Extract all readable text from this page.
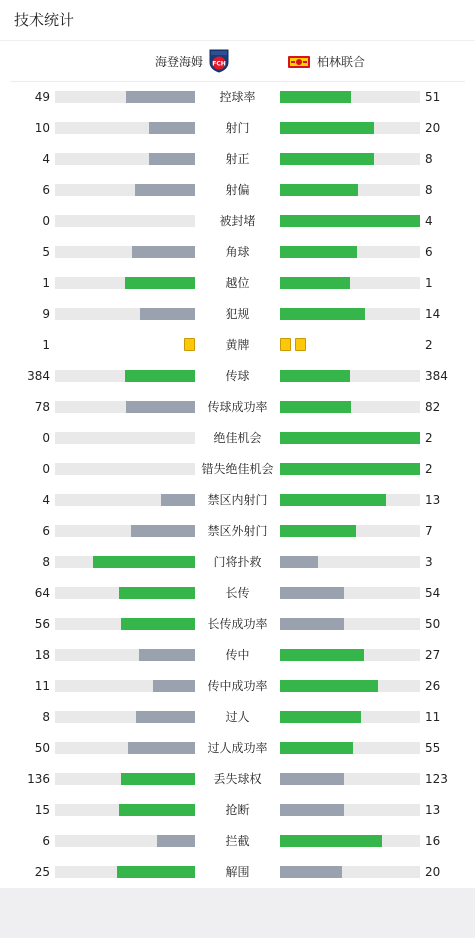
技术统计
海登海姆 FCH	柏林联合
49	控球率	51
10	射门	20
4	射正	8
6	射偏	8
0	被封堵	4
5	角球	6
1	越位	1
9	犯规	14
1	黄牌	2
384	传球	384
78	传球成功率	82
0	绝佳机会	2
0	错失绝佳机会	2
4	禁区内射门	13
6	禁区外射门	7
8	门将扑救	3
64	长传	54
56	长传成功率	50
18	传中	27
11	传中成功率	26
8	过人	11
50	过人成功率	55
136	丢失球权	123
15	抢断	13
6	拦截	16
25	解围	20
